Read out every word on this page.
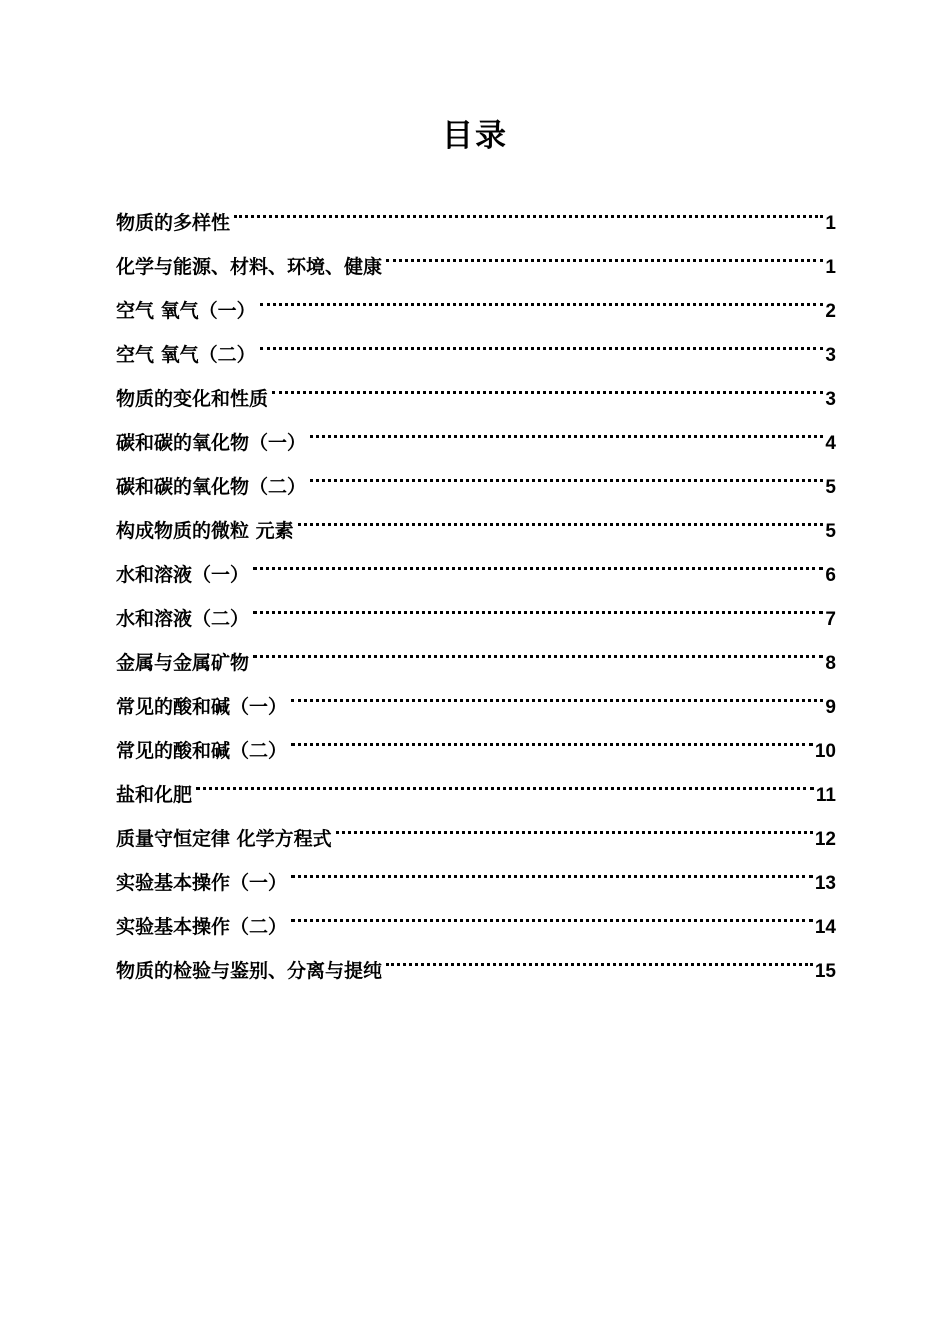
目录
物质的多样性	1
化学与能源、材料、环境、健康	1
空气 氧气（一）	2
空气 氧气（二）	3
物质的变化和性质	3
碳和碳的氧化物（一）	4
碳和碳的氧化物（二）	5
构成物质的微粒 元素	5
水和溶液（一）	6
水和溶液（二）	7
金属与金属矿物	8
常见的酸和碱（一）	9
常见的酸和碱（二）	10
盐和化肥	11
质量守恒定律 化学方程式	12
实验基本操作（一）	13
实验基本操作（二）	14
物质的检验与鉴别、分离与提纯	15
